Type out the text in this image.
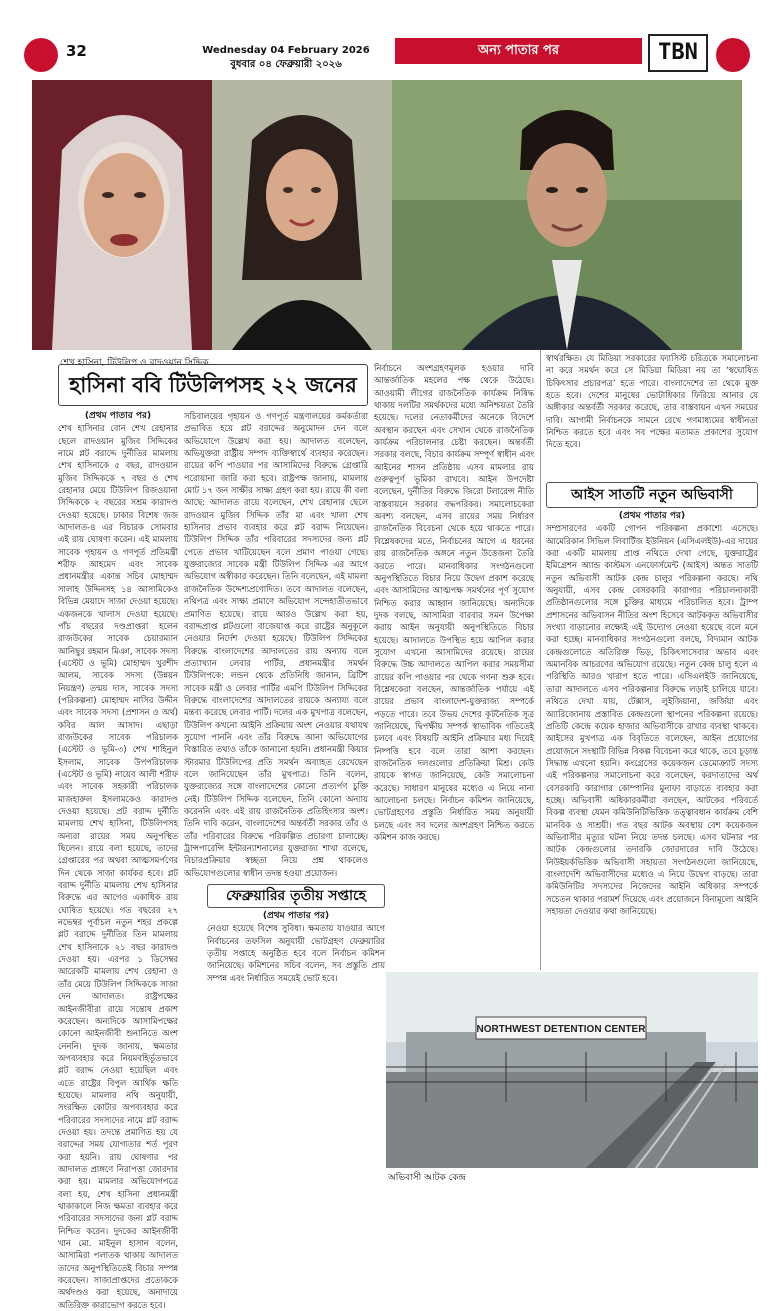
32	Wednesday 04 February 2026
বুধবার ০৪ ফেব্রুয়ারী ২০২৬
অন্য পাতার পর	TBN
শেখ হাসিনা, টিউলিপ ও রাদওয়ান সিদ্দিক
হাসিনা ববি টিউলিপসহ ২২ জনের
(প্রথম পাতার পর)

শেখ হাসিনার বোন শেখ রেহানার ছেলে রাদওয়ান মুজিব সিদ্দিকের নামে প্লট বরাদ্দে দুর্নীতির মামলায় শেখ হাসিনাকে ৫ বছর, রাদওয়ান মুজিব সিদ্দিককে ৭ বছর ও শেখ রেহানার মেয়ে টিউলিপ রিজওয়ানা সিদ্দিককে ২ বছরের সশ্রম কারাদণ্ড দেওয়া হয়েছে। ঢাকার বিশেষ জজ আদালত-৪ এর বিচারক সোমবার এই রায় ঘোষণা করেন। এই মামলায় সাবেক গৃহায়ন ও গণপূর্ত প্রতিমন্ত্রী শরীফ আহমেদ এবং সাবেক প্রধানমন্ত্রীর একান্ত সচিব মোহাম্মদ সালাহ উদ্দিনসহ ১৪ আসামিকেও বিভিন্ন মেয়াদে সাজা দেওয়া হয়েছে। একজনকে খালাস দেওয়া হয়েছে। পাঁচ বছরের দণ্ডপ্রাপ্তরা হলেন রাজউকের সাবেক চেয়ারম্যান আনিছুর রহমান মিঞা, সাবেক সদস্য (এস্টেট ও ভূমি) মোহাম্মদ খুরশীদ আলম, সাবেক সদস্য (উন্নয়ন নিয়ন্ত্রণ) তন্ময় দাস, সাবেক সদস্য (পরিকল্পনা) মোহাম্মদ নাসির উদ্দীন এবং সাবেক সদস্য (প্রশাসন ও অর্থ) কবির আল আসাদ। এছাড়া রাজউকের সাবেক পরিচালক (এস্টেট ও ভূমি-৩) শেখ শাহিনুল ইসলাম, সাবেক উপপরিচালক (এস্টেট ও ভূমি) নায়েব আলী শরীফ এবং সাবেক সহকারী পরিচালক মাজহারুল ইসলামকেও কারাদণ্ড দেওয়া হয়েছে। প্রট বরাদ্দ দুর্নীতি মামলায় শেখ হাসিনা, টিউলিপসহ অন্যরা রায়ের সময় অনুপস্থিত ছিলেন। রায়ে বলা হয়েছে, তাদের গ্রেপ্তারের পর অথবা আত্মসমর্পণের দিন থেকে সাজা কার্যকর হবে। প্লট বরাদ্দ দুর্নীতি মামলায় শেখ হাসিনার বিরুদ্ধে এর আগেও একাধিক রায় ঘোষিত হয়েছে। গত বছরের ২৭ নভেম্বর পূর্বাচল নতুন শহর প্রকল্পে প্লট বরাদ্দে দুর্নীতির তিন মামলায় শেখ হাসিনাকে ২১ বছর কারাদণ্ড দেওয়া হয়। এরপর ১ ডিসেম্বর আরেকটি মামলায় শেখ রেহানা ও তাঁর মেয়ে টিউলিপ সিদ্দিককে সাজা দেন আদালত। রাষ্ট্রপক্ষের আইনজীবীরা রায়ে সন্তোষ প্রকাশ করেছেন। অন্যদিকে আসামিপক্ষের কোনো আইনজীবী শুনানিতে অংশ নেননি। দুদক জানায়, ক্ষমতার অপব্যবহার করে নিয়মবহির্ভূতভাবে প্লট বরাদ্দ নেওয়া হয়েছিল এবং এতে রাষ্ট্রের বিপুল আর্থিক ক্ষতি হয়েছে। মামলার নথি অনুযায়ী, সংরক্ষিত কোটার অপব্যবহার করে পরিবারের সদস্যদের নামে প্লট বরাদ্দ দেওয়া হয়। তদন্তে প্রমাণিত হয় যে বরাদ্দের সময় যোগ্যতার শর্ত পূরণ করা হয়নি। রায় ঘোষণার পর আদালত প্রাঙ্গণে নিরাপত্তা জোরদার করা হয়। মামলার অভিযোগপত্রে বলা হয়, শেখ হাসিনা প্রধানমন্ত্রী থাকাকালে নিজ ক্ষমতা ব্যবহার করে পরিবারের সদস্যদের জন্য প্লট বরাদ্দ নিশ্চিত করেন। দুদকের আইনজীবী খান মো. মাইনুল হাসান বলেন, আসামিরা পলাতক থাকায় আদালত তাদের অনুপস্থিতিতেই বিচার সম্পন্ন করেছেন। সাজাপ্রাপ্তদের প্রত্যেককে অর্থদণ্ডও করা হয়েছে, অনাদায়ে অতিরিক্ত কারাভোগ করতে হবে।

সচিবালয়ের গৃহায়ন ও গণপূর্ত মন্ত্রণালয়ের কর্মকর্তারা প্রভাবিত হয়ে প্লট বরাদ্দের অনুমোদন দেন বলে অভিযোগে উল্লেখ করা হয়। আদালত বলেছেন, অভিযুক্তরা রাষ্ট্রীয় সম্পদ ব্যক্তিস্বার্থে ব্যবহার করেছেন। রায়ের কপি পাওয়ার পর আসামিদের বিরুদ্ধে গ্রেপ্তারি পরোয়ানা জারি করা হবে। রাষ্ট্রপক্ষ জানায়, মামলায় মোট ১৭ জন সাক্ষীর সাক্ষ্য গ্রহণ করা হয়। রায়ে কী বলা আছে: আদালত রায়ে বলেছেন, শেখ রেহানার ছেলে রাদওয়ান মুজিব সিদ্দিক তাঁর মা এবং খালা শেখ হাসিনার প্রভাব ব্যবহার করে প্লট বরাদ্দ নিয়েছেন। টিউলিপ সিদ্দিক তাঁর পরিবারের সদস্যদের জন্য প্লট পেতে প্রভাব খাটিয়েছেন বলে প্রমাণ পাওয়া গেছে। যুক্তরাজ্যের সাবেক মন্ত্রী টিউলিপ সিদ্দিক এর আগে অভিযোগ অস্বীকার করেছেন। তিনি বলেছেন, এই মামলা রাজনৈতিক উদ্দেশ্যপ্রণোদিত। তবে আদালত বলেছেন, নথিপত্র এবং সাক্ষ্য প্রমাণে অভিযোগ সন্দেহাতীতভাবে প্রমাণিত হয়েছে। রায়ে আরও উল্লেখ করা হয়, বরাদ্দপ্রাপ্ত প্লটগুলো বাজেয়াপ্ত করে রাষ্ট্রের অনুকূলে নেওয়ার নির্দেশ দেওয়া হয়েছে। টিউলিপ সিদ্দিকের বিরুদ্ধে বাংলাদেশের আদালতের রায় অন্যায় বলে প্রত্যাখ্যান লেবার পার্টির, প্রধানমন্ত্রীর সমর্থন টিউলিপকে: লন্ডন থেকে প্রতিনিধি জানান, ব্রিটিশ সাবেক মন্ত্রী ও লেবার পার্টির এমপি টিউলিপ সিদ্দিকের বিরুদ্ধে বাংলাদেশের আদালতের রায়কে অন্যায্য বলে মন্তব্য করেছে লেবার পার্টি। দলের এক মুখপাত্র বলেছেন, টিউলিপ কখনো আইনি প্রক্রিয়ায় অংশ নেওয়ার যথাযথ সুযোগ পাননি এবং তাঁর বিরুদ্ধে আনা অভিযোগের বিস্তারিত তথ্যও তাঁকে জানানো হয়নি। প্রধানমন্ত্রী কিয়ার স্টারমার টিউলিপের প্রতি সমর্থন অব্যাহত রেখেছেন বলে জানিয়েছেন তাঁর মুখপাত্র। তিনি বলেন, যুক্তরাজ্যের সঙ্গে বাংলাদেশের কোনো প্রত্যর্পণ চুক্তি নেই। টিউলিপ সিদ্দিক বলেছেন, তিনি কোনো অন্যায় করেননি এবং এই রায় রাজনৈতিক প্রতিহিংসার অংশ। তিনি দাবি করেন, বাংলাদেশের অন্তর্বর্তী সরকার তাঁর ও তাঁর পরিবারের বিরুদ্ধে পরিকল্পিত প্রচারণা চালাচ্ছে। ট্রান্সপারেন্সি ইন্টারন্যাশনালের যুক্তরাজ্য শাখা বলেছে, বিচারপ্রক্রিয়ার স্বচ্ছতা নিয়ে প্রশ্ন থাকলেও অভিযোগগুলোর স্বাধীন তদন্ত হওয়া প্রয়োজন।

নির্বাচনে অংশগ্রহণমূলক হওয়ার দাবি আন্তর্জাতিক মহলের পক্ষ থেকে উঠেছে। আওয়ামী লীগের রাজনৈতিক কার্যক্রম নিষিদ্ধ থাকায় দলটির সমর্থকদের মধ্যে অনিশ্চয়তা তৈরি হয়েছে। দলের নেতাকর্মীদের অনেকে বিদেশে অবস্থান করছেন এবং সেখান থেকে রাজনৈতিক কার্যক্রম পরিচালনার চেষ্টা করছেন। অন্তর্বর্তী সরকার বলছে, বিচার কার্যক্রম সম্পূর্ণ স্বাধীন এবং আইনের শাসন প্রতিষ্ঠায় এসব মামলার রায় গুরুত্বপূর্ণ ভূমিকা রাখবে। আইন উপদেষ্টা বলেছেন, দুর্নীতির বিরুদ্ধে জিরো টলারেন্স নীতি বাস্তবায়নে সরকার বদ্ধপরিকর। সমালোচকেরা অবশ্য বলছেন, এসব রায়ের সময় নির্ধারণ রাজনৈতিক বিবেচনা থেকে হয়ে থাকতে পারে। বিশ্লেষকদের মতে, নির্বাচনের আগে এ ধরনের রায় রাজনৈতিক অঙ্গনে নতুন উত্তেজনা তৈরি করতে পারে। মানবাধিকার সংগঠনগুলো অনুপস্থিতিতে বিচার নিয়ে উদ্বেগ প্রকাশ করেছে এবং আসামিদের আত্মপক্ষ সমর্থনের পূর্ণ সুযোগ নিশ্চিত করার আহ্বান জানিয়েছে। অন্যদিকে দুদক বলছে, আসামিরা বারবার সমন উপেক্ষা করায় আইন অনুযায়ী অনুপস্থিতিতে বিচার হয়েছে। আদালতে উপস্থিত হয়ে আপিল করার সুযোগ এখনো আসামিদের রয়েছে। রায়ের বিরুদ্ধে উচ্চ আদালতে আপিল করার সময়সীমা রায়ের কপি পাওয়ার পর থেকে গণনা শুরু হবে। বিশ্লেষকেরা বলছেন, আন্তর্জাতিক পর্যায়ে এই রায়ের প্রভাব বাংলাদেশ-যুক্তরাজ্য সম্পর্কে পড়তে পারে। তবে উভয় দেশের কূটনৈতিক সূত্র জানিয়েছে, দ্বিপক্ষীয় সম্পর্ক স্বাভাবিক গতিতেই চলবে এবং বিষয়টি আইনি প্রক্রিয়ার মধ্য দিয়েই নিষ্পত্তি হবে বলে তারা আশা করছেন। রাজনৈতিক দলগুলোর প্রতিক্রিয়া মিশ্র। কেউ রায়কে স্বাগত জানিয়েছে, কেউ সমালোচনা করেছে। সাধারণ মানুষের মধ্যেও এ নিয়ে নানা আলোচনা চলছে। নির্বাচন কমিশন জানিয়েছে, ভোটগ্রহণের প্রস্তুতি নির্ধারিত সময় অনুযায়ী চলছে এবং সব দলের অংশগ্রহণ নিশ্চিত করতে কমিশন কাজ করছে।

ফেব্রুয়ারির তৃতীয় সপ্তাহে
(প্রথম পাতার পর)

নেওয়া হয়েছে বিশেষ সুবিধা। ক্ষমতায় যাওয়ার আগে নির্বাচনের তফসিল অনুযায়ী ভোটগ্রহণ ফেব্রুয়ারির তৃতীয় সপ্তাহে অনুষ্ঠিত হবে বলে নির্বাচন কমিশন জানিয়েছে। কমিশনের সচিব বলেন, সব প্রস্তুতি প্রায় সম্পন্ন এবং নির্ধারিত সময়েই ভোট হবে।

স্বার্থরক্ষিত। যে মিডিয়া সরকারের ফ্যাসিস্ট চরিত্রকে সমালোচনা না করে সমর্থন করে সে মিডিয়া মিডিয়া নয় তা ‘স্বঘোষিত চিকিৎসার প্রচারপত্র’ হতে পারে। বাংলাদেশের তা থেকে মুক্ত হতে হবে। দেশের মানুষের ভোটাধিকার ফিরিয়ে আনার যে অঙ্গীকার অন্তর্বর্তী সরকার করেছে, তার বাস্তবায়ন এখন সময়ের দাবি। আগামী নির্বাচনকে সামনে রেখে গণমাধ্যমের স্বাধীনতা নিশ্চিত করতে হবে এবং সব পক্ষের মতামত প্রকাশের সুযোগ দিতে হবে।

আইস সাতটি নতুন অভিবাসী
(প্রথম পাতার পর)

সম্প্রসারণের একটি গোপন পরিকল্পনা প্রকাশ্যে এসেছে। আমেরিকান সিভিল লিবার্টিজ ইউনিয়ন (এসিএলইউ)-এর দায়ের করা একটি মামলায় প্রাপ্ত নথিতে দেখা গেছে, যুক্তরাষ্ট্রের ইমিগ্রেশন অ্যান্ড কাস্টমস এনফোর্সমেন্ট (আইস) অন্তত সাতটি নতুন অভিবাসী আটক কেন্দ্র চালুর পরিকল্পনা করছে। নথি অনুযায়ী, এসব কেন্দ্র বেসরকারি কারাগার পরিচালনাকারী প্রতিষ্ঠানগুলোর সঙ্গে চুক্তির মাধ্যমে পরিচালিত হবে। ট্রাম্প প্রশাসনের অভিবাসন নীতির অংশ হিসেবে আটককৃত অভিবাসীর সংখ্যা বাড়ানোর লক্ষ্যেই এই উদ্যোগ নেওয়া হয়েছে বলে মনে করা হচ্ছে। মানবাধিকার সংগঠনগুলো বলছে, বিদ্যমান আটক কেন্দ্রগুলোতে অতিরিক্ত ভিড়, চিকিৎসাসেবার অভাব এবং অমানবিক আচরণের অভিযোগ রয়েছে। নতুন কেন্দ্র চালু হলে এ পরিস্থিতি আরও খারাপ হতে পারে। এসিএলইউ জানিয়েছে, তারা আদালতে এসব পরিকল্পনার বিরুদ্ধে লড়াই চালিয়ে যাবে। নথিতে দেখা যায়, টেক্সাস, লুইজিয়ানা, জর্জিয়া এবং অ্যারিজোনায় প্রস্তাবিত কেন্দ্রগুলো স্থাপনের পরিকল্পনা রয়েছে। প্রতিটি কেন্দ্রে কয়েক হাজার অভিবাসীকে রাখার ব্যবস্থা থাকবে। আইসের মুখপাত্র এক বিবৃতিতে বলেছেন, আইন প্রয়োগের প্রয়োজনে সংস্থাটি বিভিন্ন বিকল্প বিবেচনা করে থাকে, তবে চূড়ান্ত সিদ্ধান্ত এখনো হয়নি। কংগ্রেসের কয়েকজন ডেমোক্র্যাট সদস্য এই পরিকল্পনার সমালোচনা করে বলেছেন, করদাতাদের অর্থ বেসরকারি কারাগার কোম্পানির মুনাফা বাড়াতে ব্যবহার করা হচ্ছে। অভিবাসী অধিকারকর্মীরা বলছেন, আটকের পরিবর্তে বিকল্প ব্যবস্থা যেমন কমিউনিটিভিত্তিক তত্ত্বাবধান কার্যক্রম বেশি মানবিক ও সাশ্রয়ী। গত বছর আটক অবস্থায় বেশ কয়েকজন অভিবাসীর মৃত্যুর ঘটনা নিয়ে তদন্ত চলছে। এসব ঘটনার পর আটক কেন্দ্রগুলোর তদারকি জোরদারের দাবি উঠেছে। নিউইয়র্কভিত্তিক অভিবাসী সহায়তা সংগঠনগুলো জানিয়েছে, বাংলাদেশি অভিবাসীদের মধ্যেও এ নিয়ে উদ্বেগ বাড়ছে। তারা কমিউনিটির সদস্যদের নিজেদের আইনি অধিকার সম্পর্কে সচেতন থাকার পরামর্শ দিয়েছে এবং প্রয়োজনে বিনামূল্যে আইনি সহায়তা দেওয়ার কথা জানিয়েছে।

NORTHWEST DETENTION CENTER
অভিবাসী আটক কেন্দ্র
